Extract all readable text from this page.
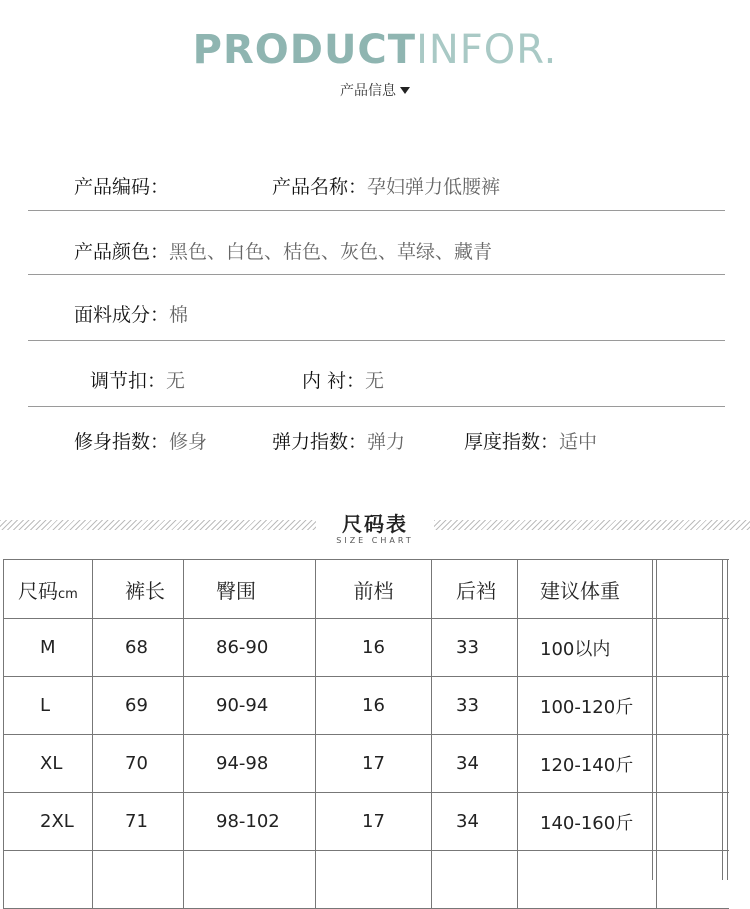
PRODUCTINFOR.
产品信息
产品编码：	产品名称：孕妇弹力低腰裤
产品颜色：黑色、白色、桔色、灰色、草绿、藏青
面料成分：棉
调节扣：无	内 衬：无
修身指数：修身	弹力指数：弹力	厚度指数：适中
尺码表
SIZE CHART
尺码cm	裤长	臀围	前档	后裆	建议体重	
M	68	86-90	16	33	100以内	
L	69	90-94	16	33	100-120斤	
XL	70	94-98	17	34	120-140斤	
2XL	71	98-102	17	34	140-160斤	
